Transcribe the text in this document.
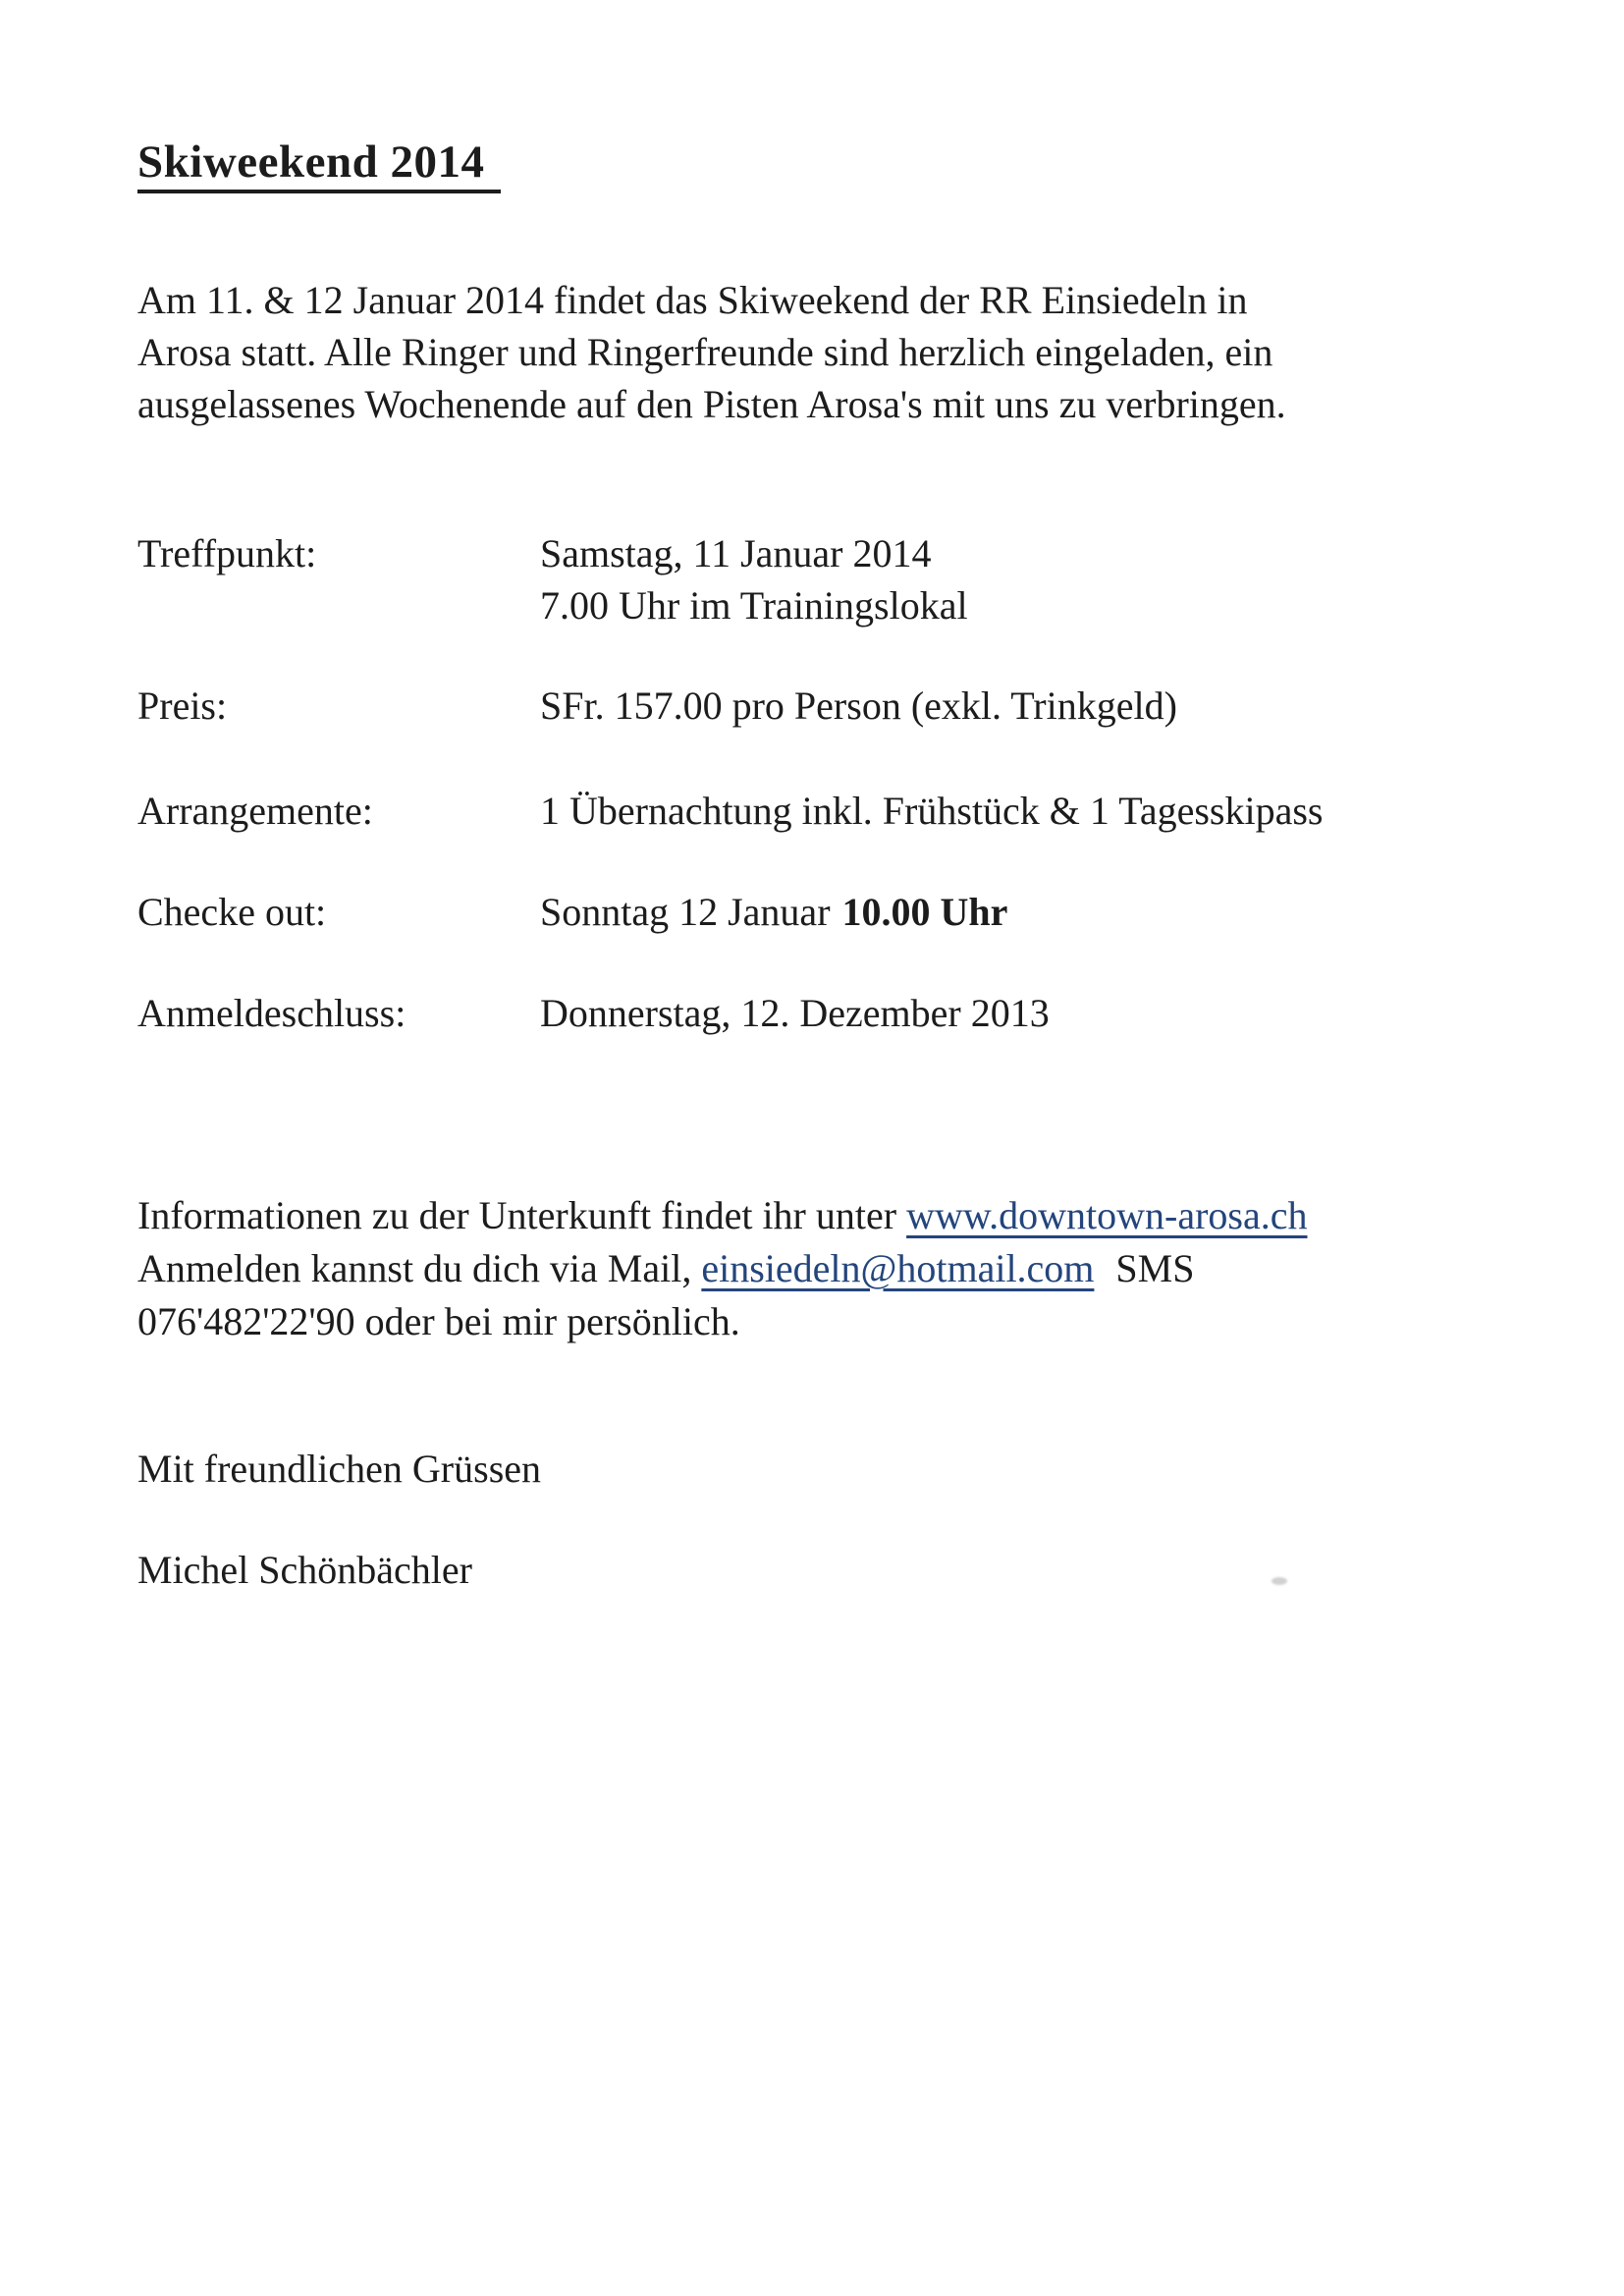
Skiweekend 2014
Am 11. & 12 Januar 2014 findet das Skiweekend der RR Einsiedeln in
Arosa statt. Alle Ringer und Ringerfreunde sind herzlich eingeladen, ein
ausgelassenes Wochenende auf den Pisten Arosa's mit uns zu verbringen.
Treffpunkt:	Samstag, 11 Januar 2014
7.00 Uhr im Trainingslokal
Preis:	SFr. 157.00 pro Person (exkl. Trinkgeld)
Arrangemente:	1 Übernachtung inkl. Frühstück & 1 Tagesskipass
Checke out:	Sonntag 12 Januar 10.00 Uhr
Anmeldeschluss:	Donnerstag, 12. Dezember 2013
Informationen zu der Unterkunft findet ihr unter www.downtown-arosa.ch
Anmelden kannst du dich via Mail, einsiedeln@hotmail.com SMS
076'482'22'90 oder bei mir persönlich.
Mit freundlichen Grüssen
Michel Schönbächler
